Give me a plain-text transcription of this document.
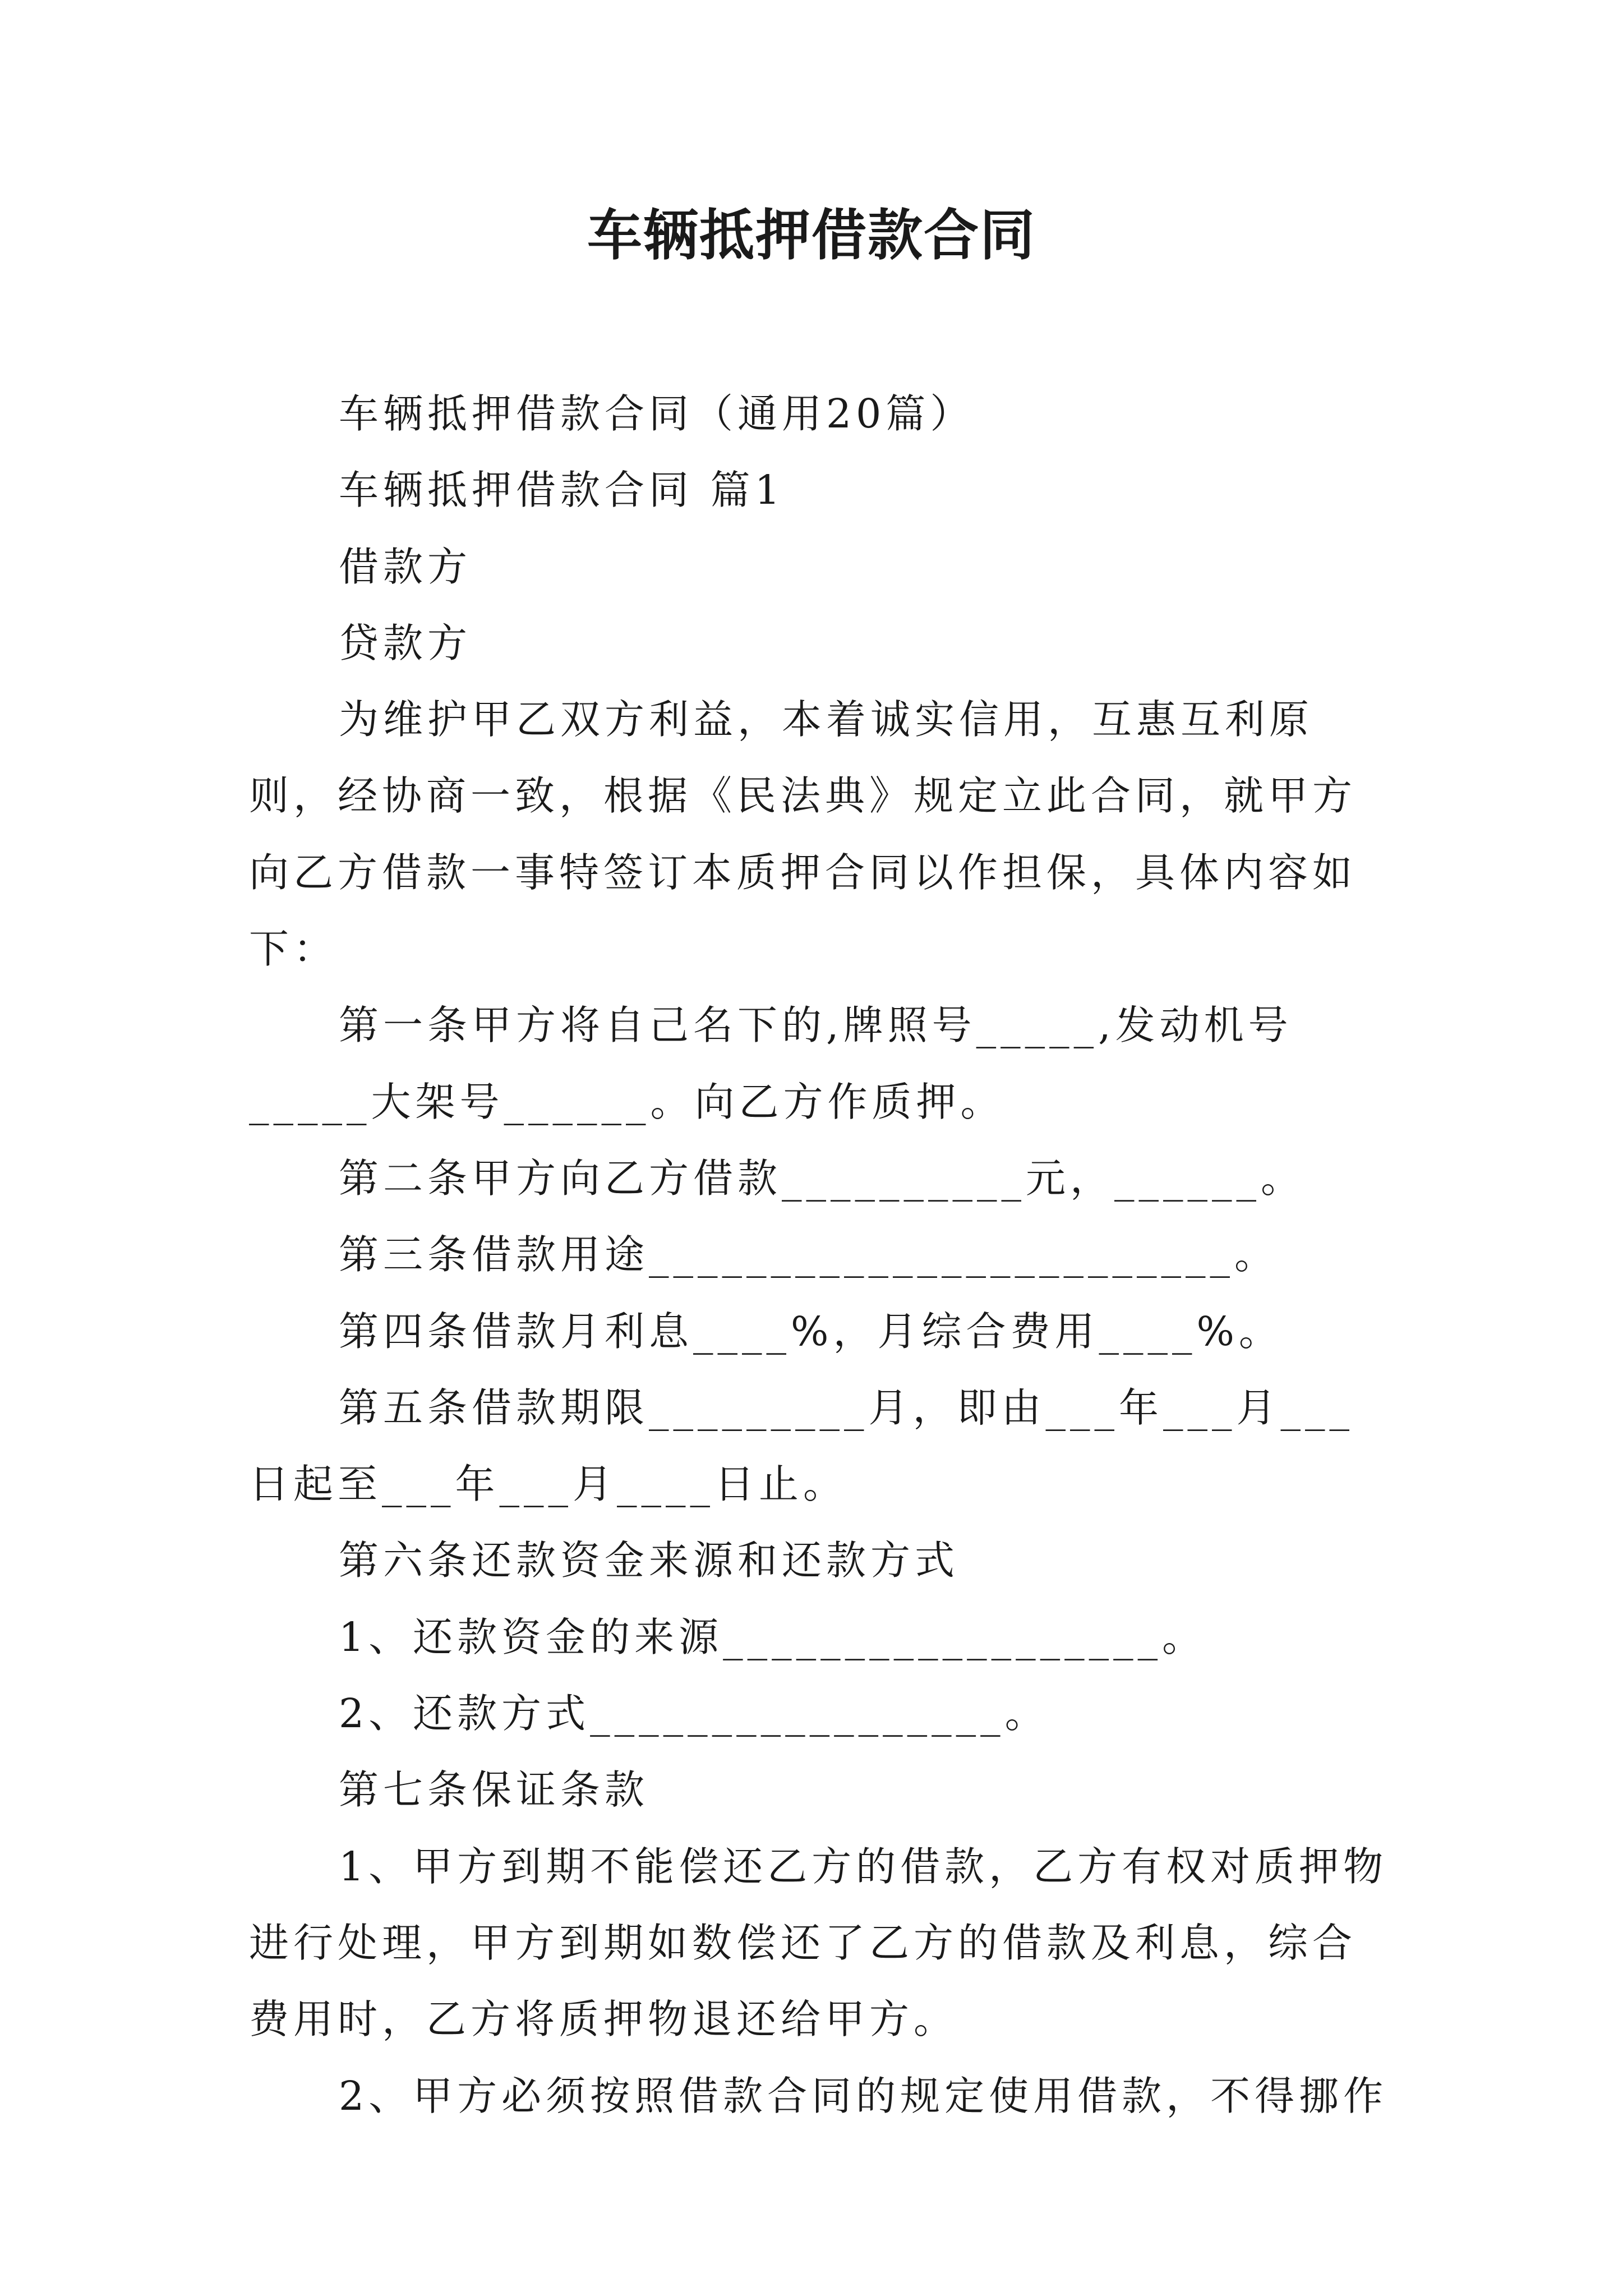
车辆抵押借款合同

车辆抵押借款合同（通用20篇）

车辆抵押借款合同 篇1

借款方

贷款方

为维护甲乙双方利益，本着诚实信用，互惠互利原则，经协商一致，根据《民法典》规定立此合同，就甲方向乙方借款一事特签订本质押合同以作担保，具体内容如下：

第一条甲方将自己名下的,牌照号_____,发动机号_____大架号______。向乙方作质押。

第二条甲方向乙方借款__________元，______。

第三条借款用途________________________。

第四条借款月利息____%，月综合费用____%。

第五条借款期限_________月，即由___年___月___日起至___年___月____日止。

第六条还款资金来源和还款方式

1、还款资金的来源__________________。

2、还款方式_________________。

第七条保证条款

1、甲方到期不能偿还乙方的借款，乙方有权对质押物进行处理，甲方到期如数偿还了乙方的借款及利息，综合费用时，乙方将质押物退还给甲方。

2、甲方必须按照借款合同的规定使用借款，不得挪作
